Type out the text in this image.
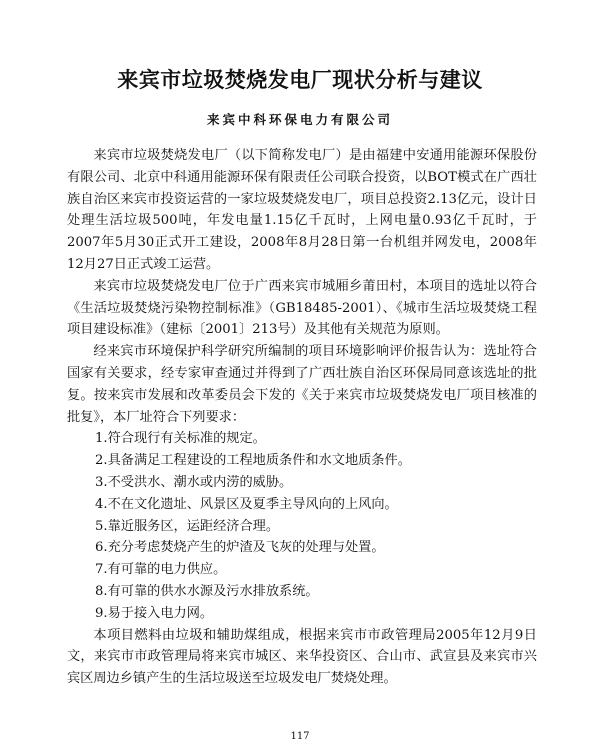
来宾市垃圾焚烧发电厂现状分析与建议
来宾中科环保电力有限公司

来宾市垃圾焚烧发电厂（以下简称发电厂）是由福建中安通用能源环保股份有限公司、北京中科通用能源环保有限责任公司联合投资，以BOT模式在广西壮族自治区来宾市投资运营的一家垃圾焚烧发电厂，项目总投资2.13亿元，设计日处理生活垃圾500吨，年发电量1.15亿千瓦时，上网电量0.93亿千瓦时，于2007年5月30正式开工建设，2008年8月28日第一台机组并网发电，2008年12月27日正式竣工运营。

来宾市垃圾焚烧发电厂位于广西来宾市城厢乡莆田村，本项目的选址以符合《生活垃圾焚烧污染物控制标准》（GB18485-2001）、《城市生活垃圾焚烧工程项目建设标准》（建标〔2001〕213号）及其他有关规范为原则。

经来宾市环境保护科学研究所编制的项目环境影响评价报告认为：选址符合国家有关要求，经专家审查通过并得到了广西壮族自治区环保局同意该选址的批复。按来宾市发展和改革委员会下发的《关于来宾市垃圾焚烧发电厂项目核准的批复》，本厂址符合下列要求：

1.符合现行有关标准的规定。
2.具备满足工程建设的工程地质条件和水文地质条件。
3.不受洪水、潮水或内涝的威胁。
4.不在文化遗址、风景区及夏季主导风向的上风向。
5.靠近服务区，运距经济合理。
6.充分考虑焚烧产生的炉渣及飞灰的处理与处置。
7.有可靠的电力供应。
8.有可靠的供水水源及污水排放系统。
9.易于接入电力网。

本项目燃料由垃圾和辅助煤组成，根据来宾市市政管理局2005年12月9日文，来宾市市政管理局将来宾市城区、来华投资区、合山市、武宣县及来宾市兴宾区周边乡镇产生的生活垃圾送至垃圾发电厂焚烧处理。

117
